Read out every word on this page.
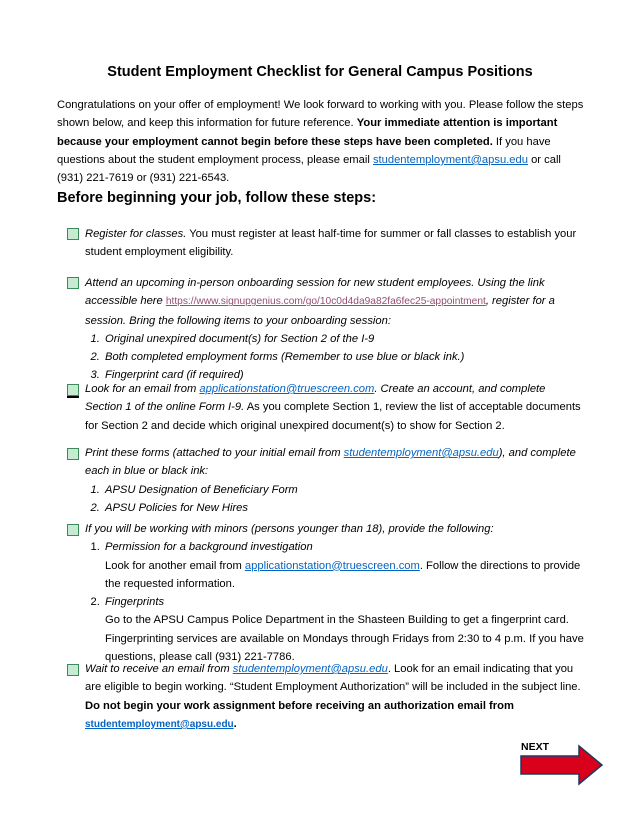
Student Employment Checklist for General Campus Positions
Congratulations on your offer of employment! We look forward to working with you. Please follow the steps shown below, and keep this information for future reference. Your immediate attention is important because your employment cannot begin before these steps have been completed. If you have questions about the student employment process, please email studentemployment@apsu.edu or call (931) 221-7619 or (931) 221-6543.
Before beginning your job, follow these steps:
Register for classes. You must register at least half-time for summer or fall classes to establish your student employment eligibility.
Attend an upcoming in-person onboarding session for new student employees. Using the link accessible here https://www.signupgenius.com/go/10c0d4da9a82fa6fec25-appointment, register for a session. Bring the following items to your onboarding session:
1. Original unexpired document(s) for Section 2 of the I-9
2. Both completed employment forms (Remember to use blue or black ink.)
3. Fingerprint card (if required)
Look for an email from applicationstation@truescreen.com. Create an account, and complete Section 1 of the online Form I-9. As you complete Section 1, review the list of acceptable documents for Section 2 and decide which original unexpired document(s) to show for Section 2.
Print these forms (attached to your initial email from studentemployment@apsu.edu), and complete each in blue or black ink:
1. APSU Designation of Beneficiary Form
2. APSU Policies for New Hires
If you will be working with minors (persons younger than 18), provide the following:
1. Permission for a background investigation
Look for another email from applicationstation@truescreen.com. Follow the directions to provide the requested information.
2. Fingerprints
Go to the APSU Campus Police Department in the Shasteen Building to get a fingerprint card. Fingerprinting services are available on Mondays through Fridays from 2:30 to 4 p.m. If you have questions, please call (931) 221-7786.
Wait to receive an email from studentemployment@apsu.edu. Look for an email indicating that you are eligible to begin working. “Student Employment Authorization” will be included in the subject line. Do not begin your work assignment before receiving an authorization email from studentemployment@apsu.edu.
NEXT
